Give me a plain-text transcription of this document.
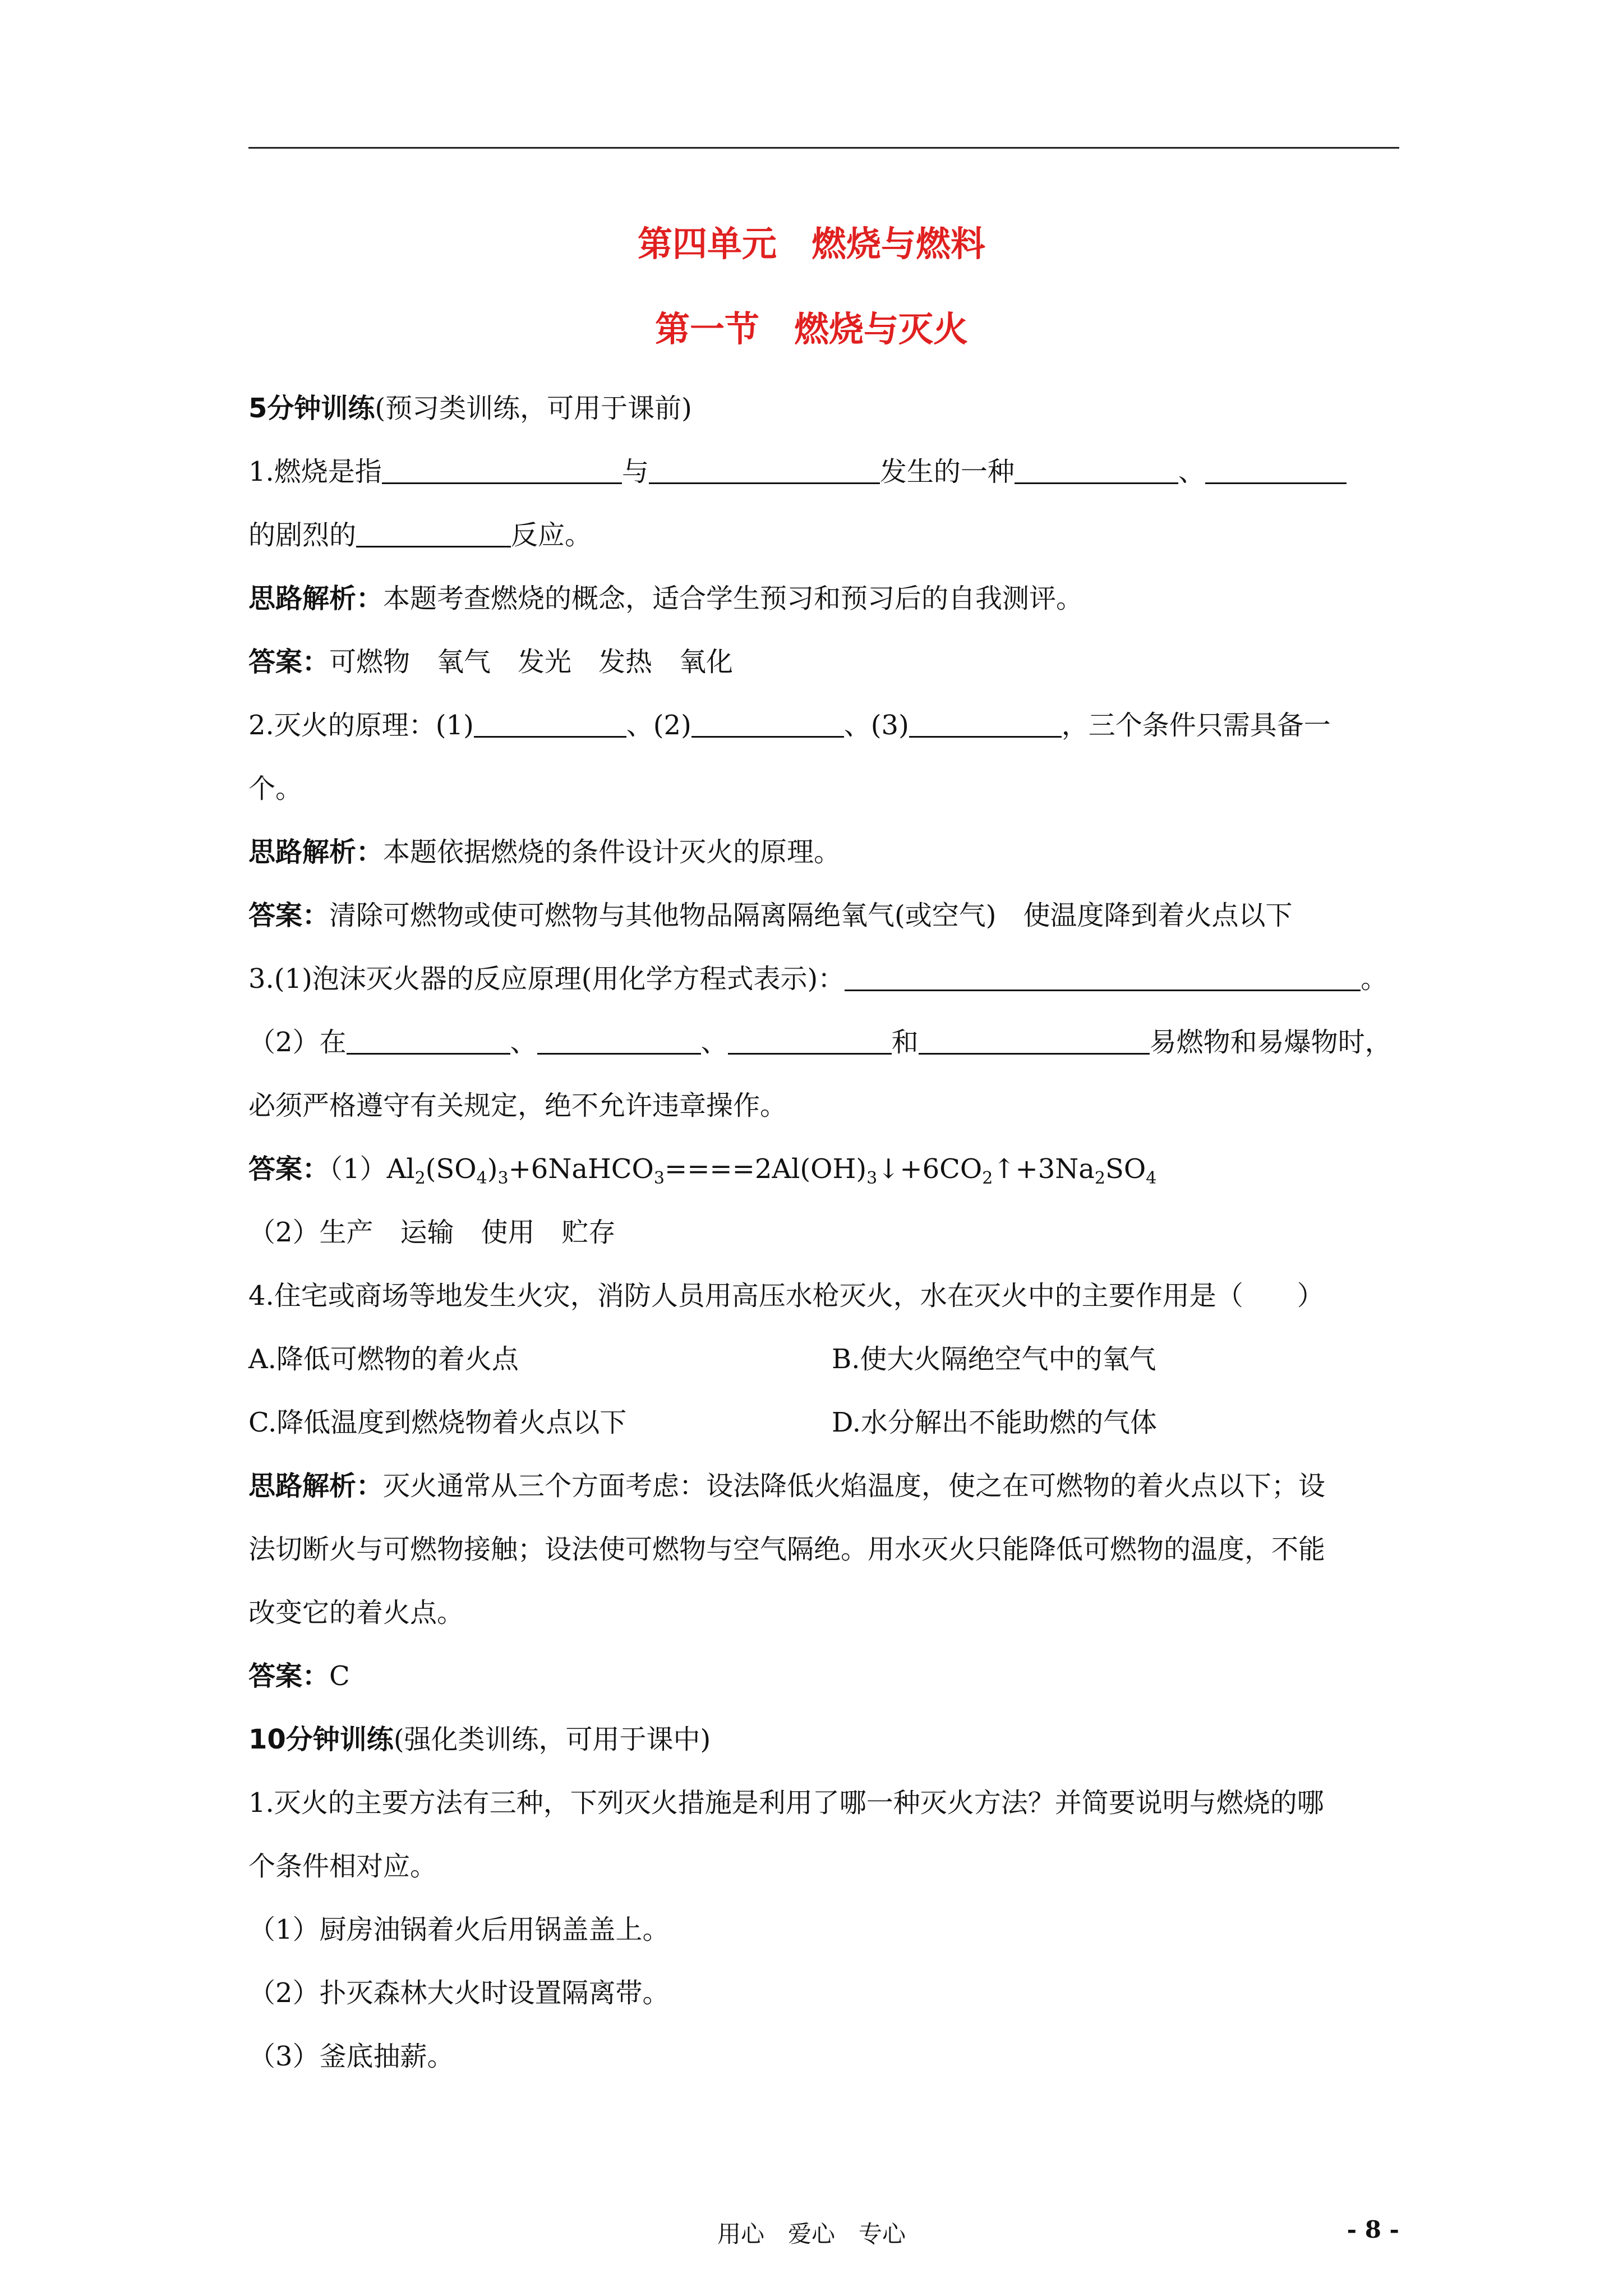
第四单元　燃烧与燃料
第一节　燃烧与灭火
5分钟训练(预习类训练，可用于课前)
1.燃烧是指	与	发生的一种	、
的剧烈的	反应。
思路解析：本题考查燃烧的概念，适合学生预习和预习后的自我测评。
答案：可燃物　氧气　发光　发热　氧化
2.灭火的原理：(1)	、(2)	、(3)	，三个条件只需具备一
个。
思路解析：本题依据燃烧的条件设计灭火的原理。
答案：清除可燃物或使可燃物与其他物品隔离隔绝氧气(或空气)　使温度降到着火点以下
3.(1)泡沫灭火器的反应原理(用化学方程式表示)：	。
（2）在	、	、	和	易燃物和易爆物时，
必须严格遵守有关规定，绝不允许违章操作。
答案：$(1)Al_2(SO_4)_3+6NaHCO_3====2Al(OH)_3↓+6CO_2↑+3Na_2SO_4$
（2）生产　运输　使用　贮存
4.住宅或商场等地发生火灾，消防人员用高压水枪灭火，水在灭火中的主要作用是（　　）
A.降低可燃物的着火点	B.使大火隔绝空气中的氧气
C.降低温度到燃烧物着火点以下	D.水分解出不能助燃的气体
思路解析：灭火通常从三个方面考虑：设法降低火焰温度，使之在可燃物的着火点以下；设
法切断火与可燃物接触；设法使可燃物与空气隔绝。用水灭火只能降低可燃物的温度，不能
改变它的着火点。
答案：C
10分钟训练(强化类训练，可用于课中)
1.灭火的主要方法有三种，下列灭火措施是利用了哪一种灭火方法？并简要说明与燃烧的哪
个条件相对应。
（1）厨房油锅着火后用锅盖盖上。
（2）扑灭森林大火时设置隔离带。
（3）釜底抽薪。
用心　爱心　专心	- 8 -
